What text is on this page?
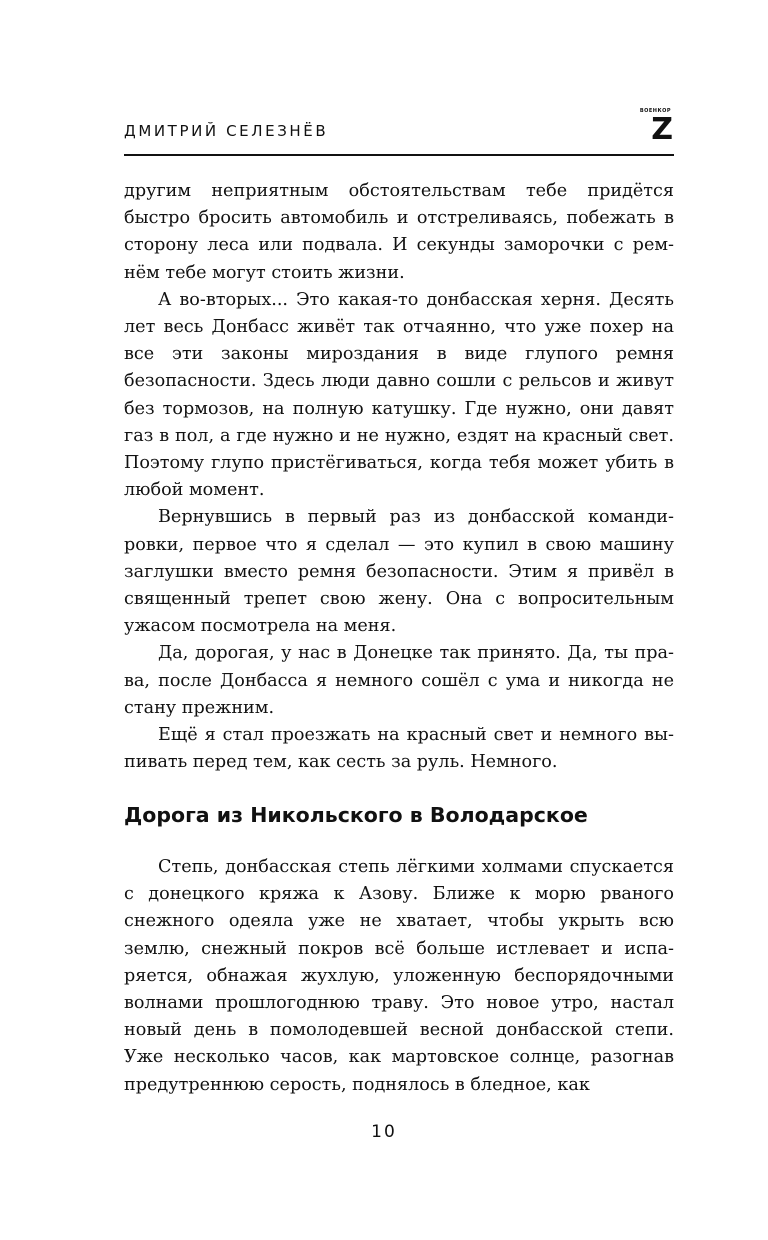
ДМИТРИЙ СЕЛЕЗНЁВ
ВОЕНКОР
Z

другим неприятным обстоятельствам тебе придётся быстро бросить автомобиль и отстреливаясь, побежать в сторону леса или подвала. И секунды заморочки с ремнём тебе могут стоить жизни.

А во-вторых... Это какая-то донбасская херня. Десять лет весь Донбасс живёт так отчаянно, что уже похер на все эти законы мироздания в виде глупого ремня безопасности. Здесь люди давно сошли с рельсов и живут без тормозов, на полную катушку. Где нужно, они давят газ в пол, а где нужно и не нужно, ездят на красный свет. Поэтому глупо пристёгиваться, когда тебя может убить в любой момент.

Вернувшись в первый раз из донбасской командировки, первое что я сделал — это купил в свою машину заглушки вместо ремня безопасности. Этим я привёл в священный трепет свою жену. Она с вопросительным ужасом посмотрела на меня.

Да, дорогая, у нас в Донецке так принято. Да, ты права, после Донбасса я немного сошёл с ума и никогда не стану прежним.

Ещё я стал проезжать на красный свет и немного выпивать перед тем, как сесть за руль. Немного.

Дорога из Никольского в Володарское

Степь, донбасская степь лёгкими холмами спускается с донецкого кряжа к Азову. Ближе к морю рваного снежного одеяла уже не хватает, чтобы укрыть всю землю, снежный покров всё больше истлевает и испаряется, обнажая жухлую, уложенную беспорядочными волнами прошлогоднюю траву. Это новое утро, настал новый день в помолодевшей весной донбасской степи. Уже несколько часов, как мартовское солнце, разогнав предутреннюю серость, поднялось в бледное, как

10
